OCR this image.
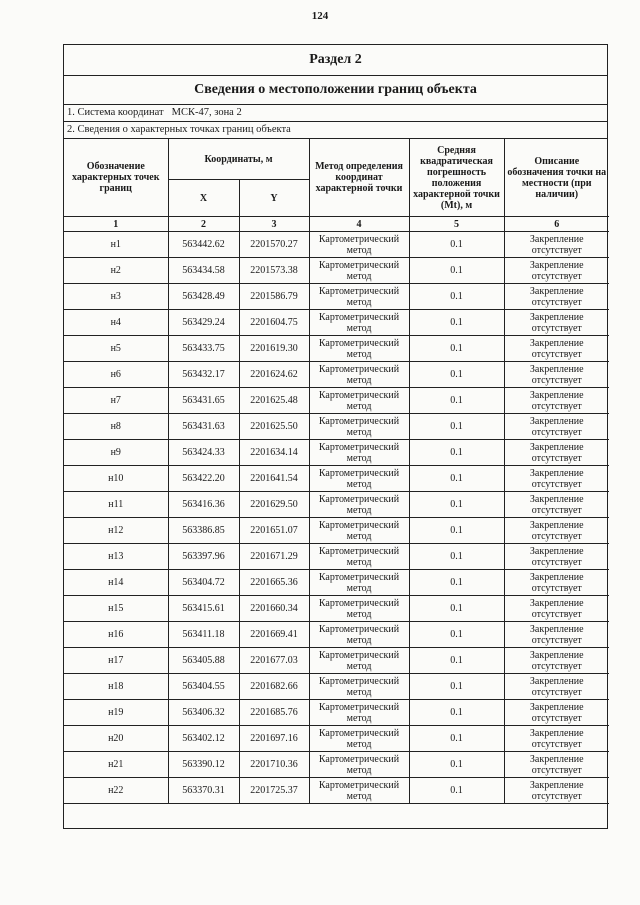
124
Раздел 2
Сведения о местоположении границ объекта
1. Система координат МСК-47, зона 2
2. Сведения о характерных точках границ объекта
Обозначение характерных точек границ	Координаты, м		Метод определения координат характерной точки	Средняя квадратическая погрешность положения характерной точки (Mt), м	Описание обозначения точки на местности (при наличии)
	X	Y			
1	2	3	4	5	6
н1	563442.62	2201570.27	Картометрический метод	0.1	Закрепление отсутствует
н2	563434.58	2201573.38	Картометрический метод	0.1	Закрепление отсутствует
н3	563428.49	2201586.79	Картометрический метод	0.1	Закрепление отсутствует
н4	563429.24	2201604.75	Картометрический метод	0.1	Закрепление отсутствует
н5	563433.75	2201619.30	Картометрический метод	0.1	Закрепление отсутствует
н6	563432.17	2201624.62	Картометрический метод	0.1	Закрепление отсутствует
н7	563431.65	2201625.48	Картометрический метод	0.1	Закрепление отсутствует
н8	563431.63	2201625.50	Картометрический метод	0.1	Закрепление отсутствует
н9	563424.33	2201634.14	Картометрический метод	0.1	Закрепление отсутствует
н10	563422.20	2201641.54	Картометрический метод	0.1	Закрепление отсутствует
н11	563416.36	2201629.50	Картометрический метод	0.1	Закрепление отсутствует
н12	563386.85	2201651.07	Картометрический метод	0.1	Закрепление отсутствует
н13	563397.96	2201671.29	Картометрический метод	0.1	Закрепление отсутствует
н14	563404.72	2201665.36	Картометрический метод	0.1	Закрепление отсутствует
н15	563415.61	2201660.34	Картометрический метод	0.1	Закрепление отсутствует
н16	563411.18	2201669.41	Картометрический метод	0.1	Закрепление отсутствует
н17	563405.88	2201677.03	Картометрический метод	0.1	Закрепление отсутствует
н18	563404.55	2201682.66	Картометрический метод	0.1	Закрепление отсутствует
н19	563406.32	2201685.76	Картометрический метод	0.1	Закрепление отсутствует
н20	563402.12	2201697.16	Картометрический метод	0.1	Закрепление отсутствует
н21	563390.12	2201710.36	Картометрический метод	0.1	Закрепление отсутствует
н22	563370.31	2201725.37	Картометрический метод	0.1	Закрепление отсутствует
